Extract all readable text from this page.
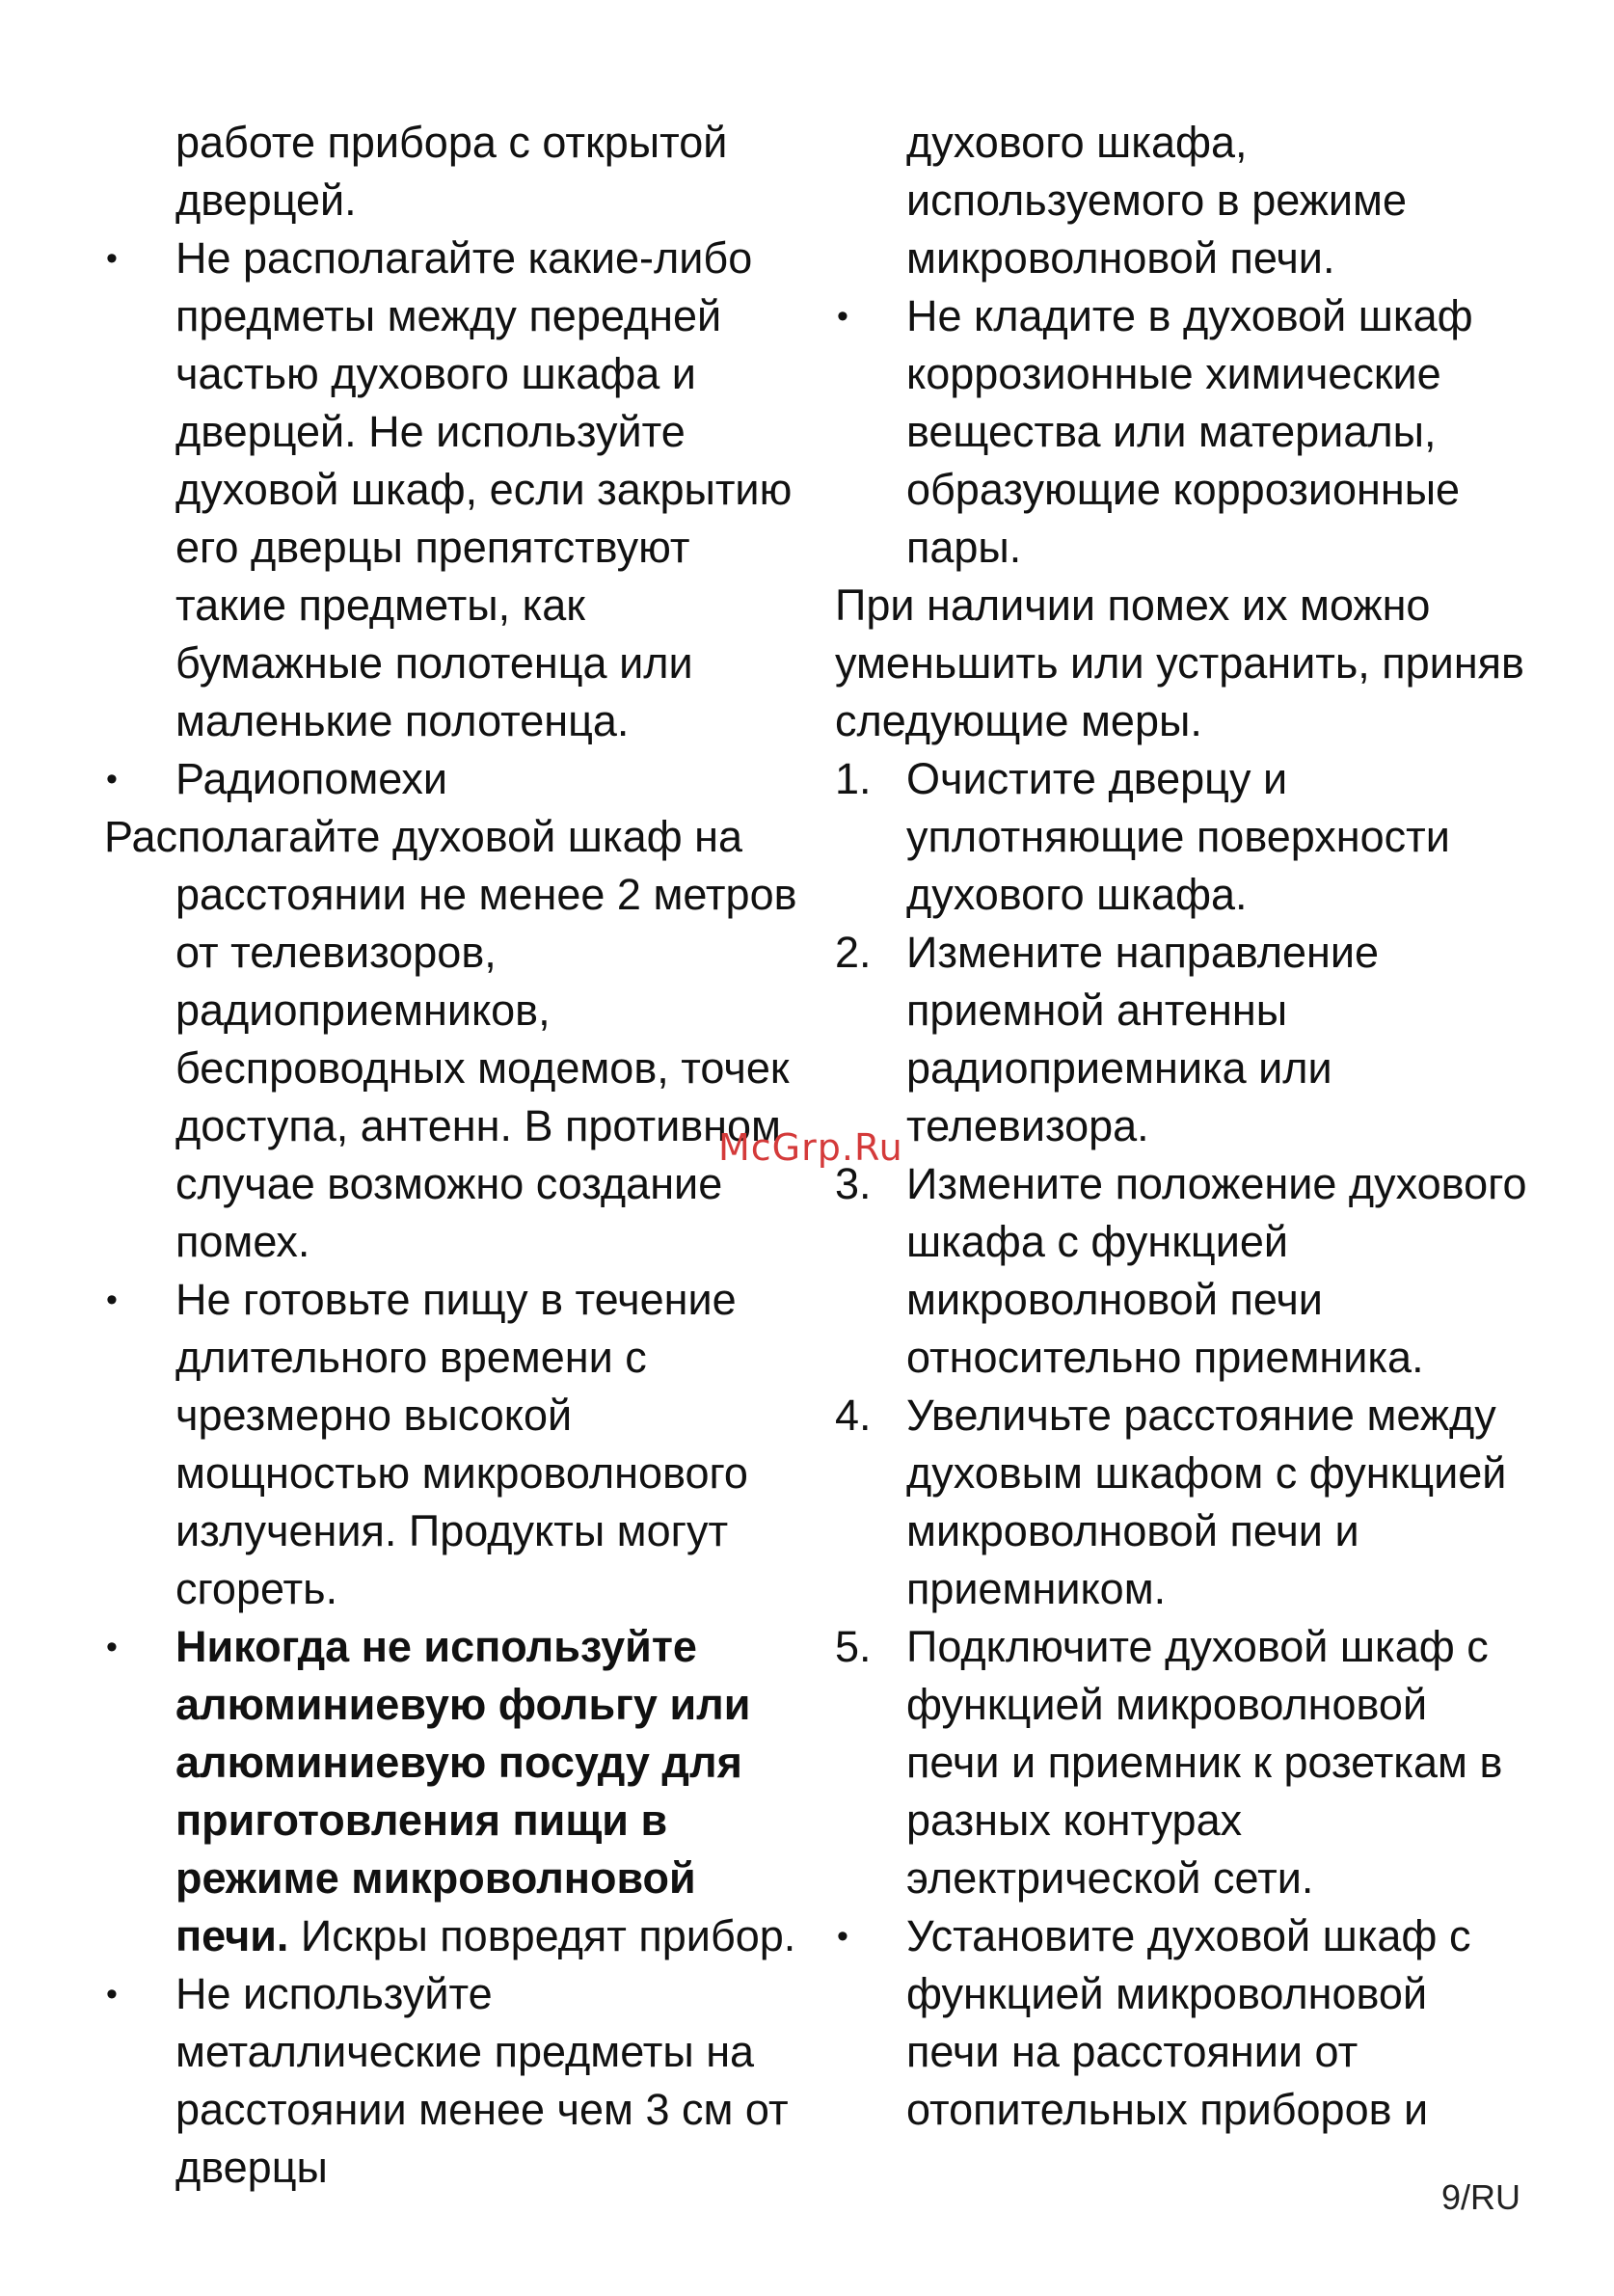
работе прибора с открытой дверцей.

•	Не располагайте какие-либо предметы между передней частью духового шкафа и дверцей. Не используйте духовой шкаф, если закрытию его дверцы препятствуют такие предметы, как бумажные полотенца или маленькие полотенца.

•	Радиопомехи

Располагайте духовой шкаф на

расстоянии не менее 2 метров от телевизоров, радиоприемников, беспроводных модемов, точек доступа, антенн. В противном случае возможно создание помех.

•	Не готовьте пищу в течение длительного времени с чрезмерно высокой мощностью микроволнового излучения. Продукты могут сгореть.

•	Никогда не используйте алюминиевую фольгу или алюминиевую посуду для приготовления пищи в режиме микроволновой печи. Искры повредят прибор.

•	Не используйте металлические предметы на расстоянии менее чем 3 см от дверцы

духового шкафа, используемого в режиме микроволновой печи.

•	Не кладите в духовой шкаф коррозионные химические вещества или материалы, образующие коррозионные пары.

При наличии помех их можно уменьшить или устранить, приняв следующие меры.

1. Очистите дверцу и уплотняющие поверхности духового шкафа.

2. Измените направление приемной антенны радиоприемника или телевизора.

3. Измените положение духового шкафа с функцией микроволновой печи относительно приемника.

4. Увеличьте расстояние между духовым шкафом с функцией микроволновой печи и приемником.

5. Подключите духовой шкаф с функцией микроволновой печи и приемник к розеткам в разных контурах электрической сети.

•	Установите духовой шкаф с функцией микроволновой печи на расстоянии от отопительных приборов и

McGrp.Ru
9/RU
